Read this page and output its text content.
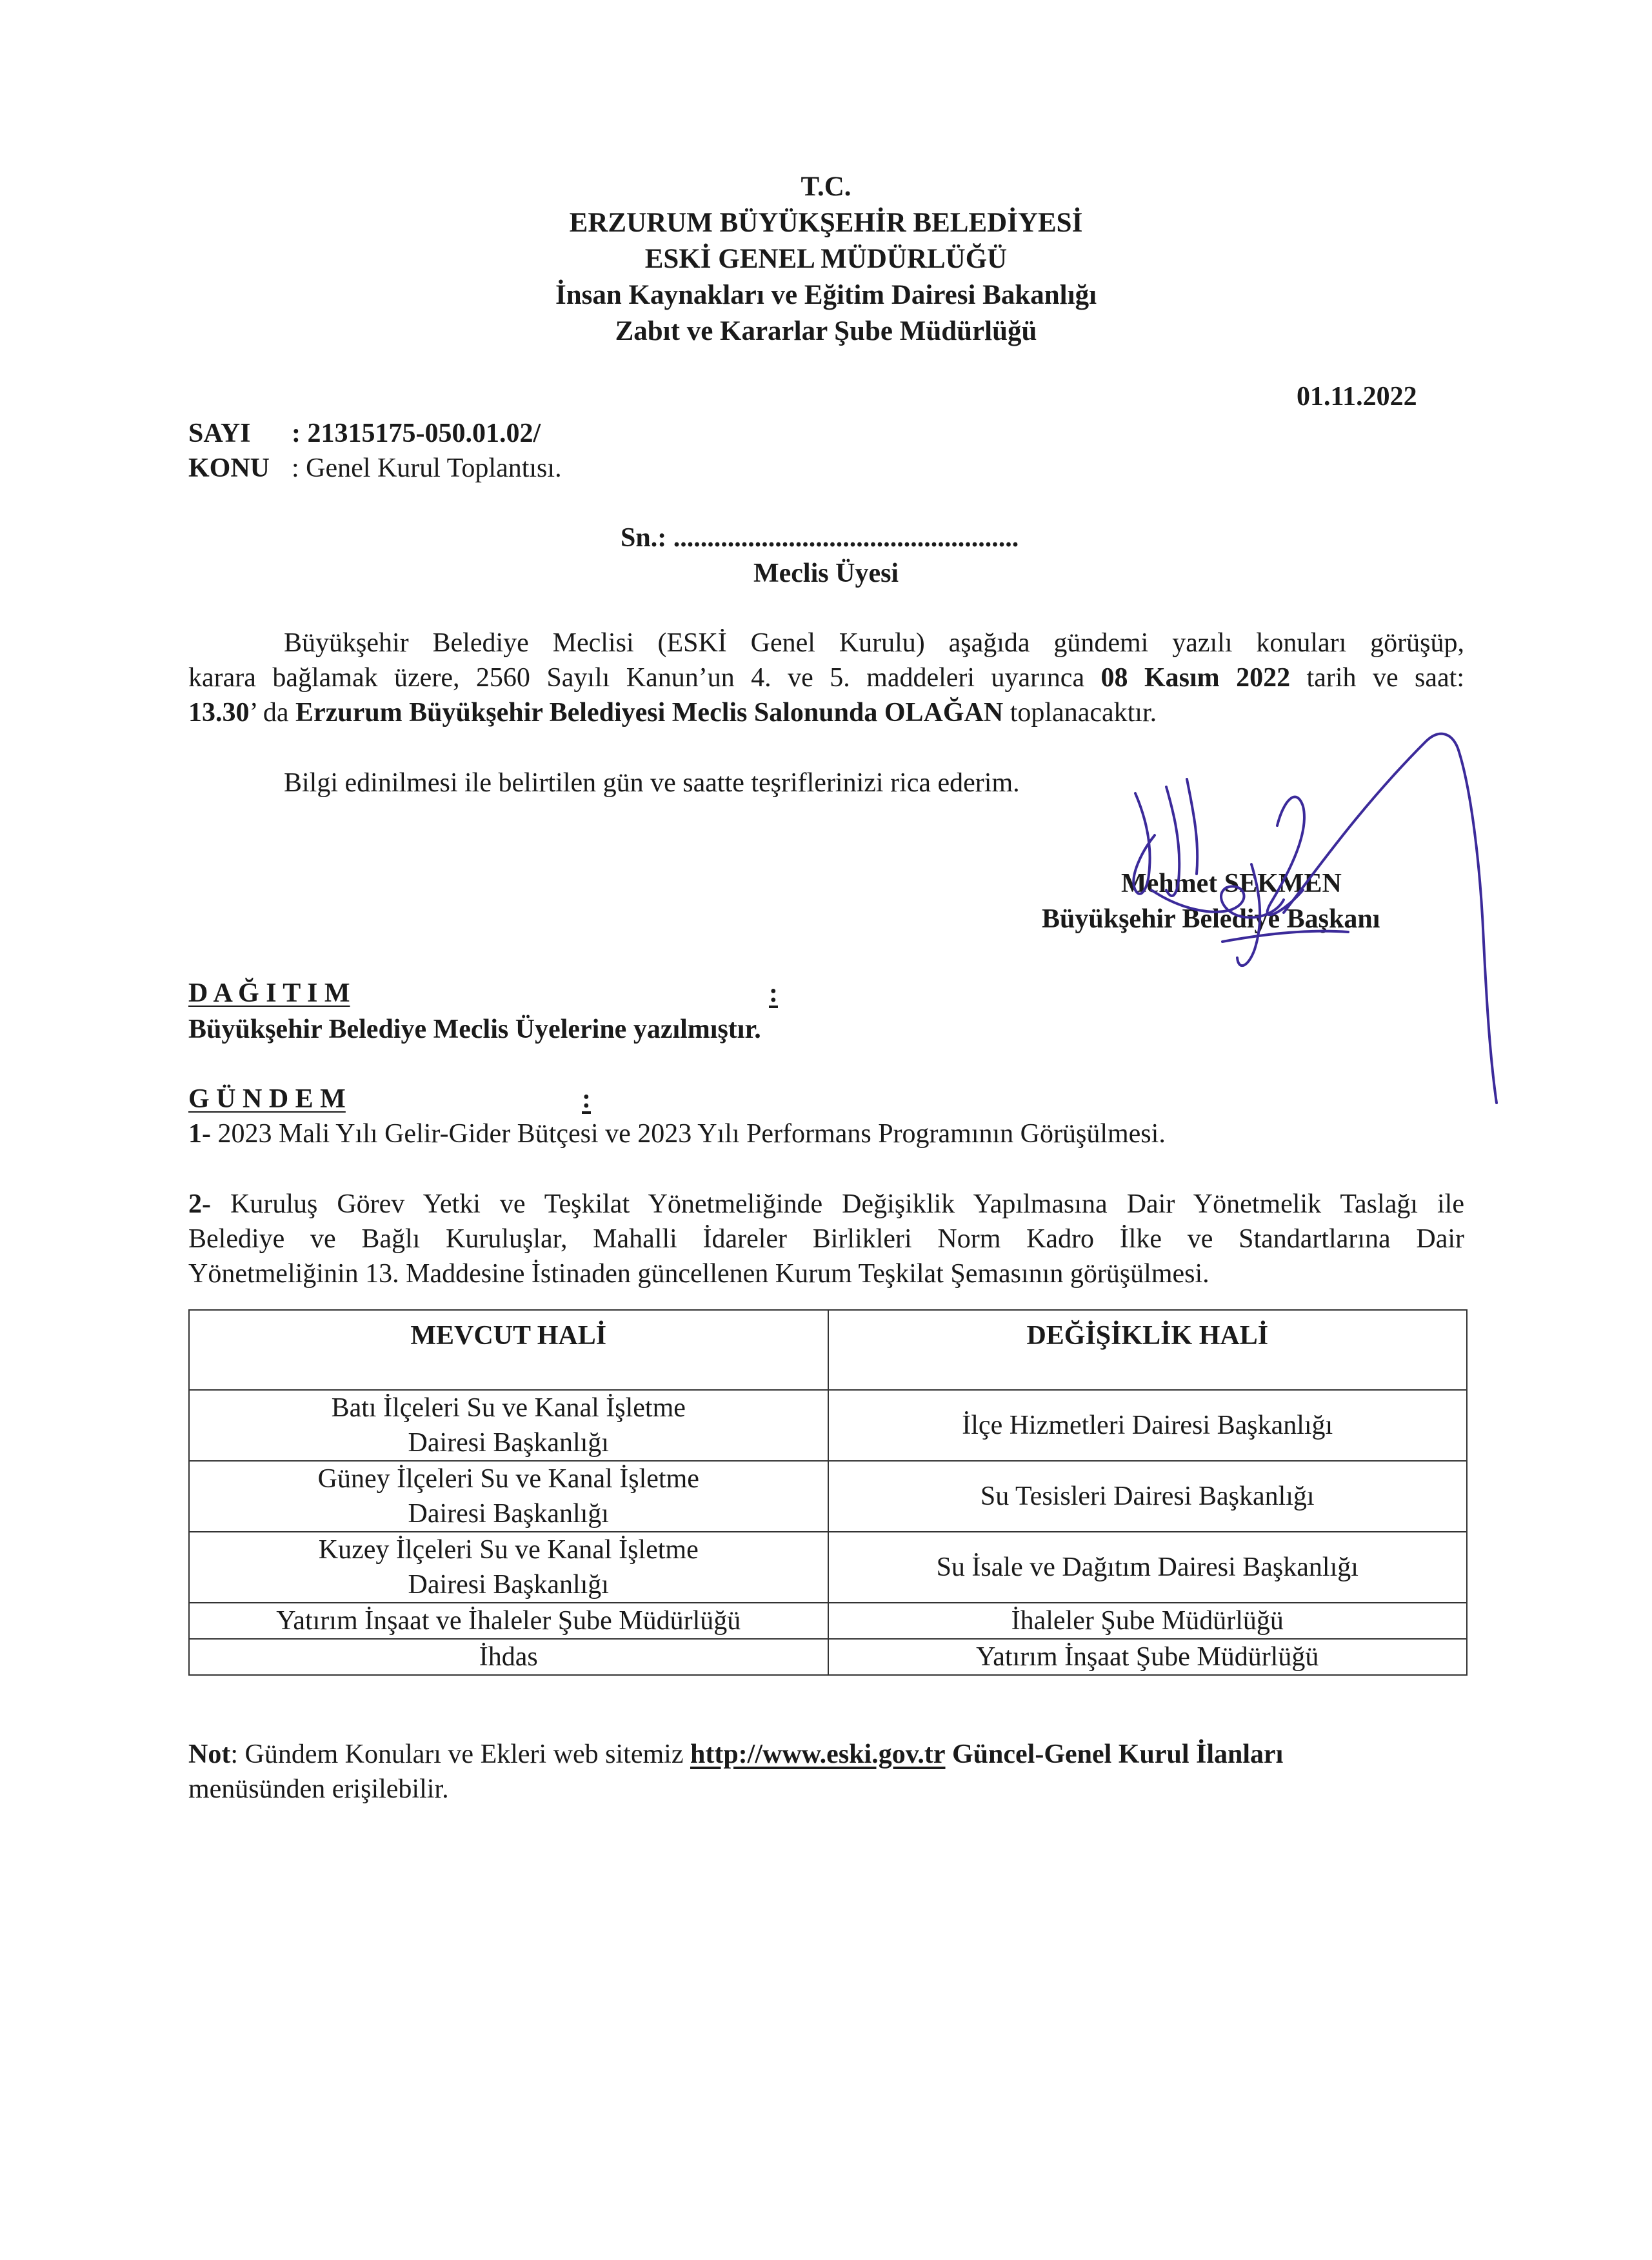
T.C.
ERZURUM BÜYÜKŞEHİR BELEDİYESİ
ESKİ GENEL MÜDÜRLÜĞÜ
İnsan Kaynakları ve Eğitim Dairesi Bakanlığı
Zabıt ve Kararlar Şube Müdürlüğü
01.11.2022
SAYI : 21315175-050.01.02/
KONU : Genel Kurul Toplantısı.
Sn.: ...................................................
Meclis Üyesi
Büyükşehir Belediye Meclisi (ESKİ Genel Kurulu) aşağıda gündemi yazılı konuları görüşüp,
karara bağlamak üzere, 2560 Sayılı Kanun’un 4. ve 5. maddeleri uyarınca 08 Kasım 2022 tarih ve saat:
13.30’ da Erzurum Büyükşehir Belediyesi Meclis Salonunda OLAĞAN toplanacaktır.
Bilgi edinilmesi ile belirtilen gün ve saatte teşriflerinizi rica ederim.
Mehmet SEKMEN
Büyükşehir Belediye Başkanı
D A Ğ I T I M	:
Büyükşehir Belediye Meclis Üyelerine yazılmıştır.
G Ü N D E M	:
1- 2023 Mali Yılı Gelir-Gider Bütçesi ve 2023 Yılı Performans Programının Görüşülmesi.
2- Kuruluş Görev Yetki ve Teşkilat Yönetmeliğinde Değişiklik Yapılmasına Dair Yönetmelik Taslağı ile
Belediye ve Bağlı Kuruluşlar, Mahalli İdareler Birlikleri Norm Kadro İlke ve Standartlarına Dair
Yönetmeliğinin 13. Maddesine İstinaden güncellenen Kurum Teşkilat Şemasının görüşülmesi.
MEVCUT HALİ	DEĞİŞİKLİK HALİ
Batı İlçeleri Su ve Kanal İşletme
Dairesi Başkanlığı	İlçe Hizmetleri Dairesi Başkanlığı
Güney İlçeleri Su ve Kanal İşletme
Dairesi Başkanlığı	Su Tesisleri Dairesi Başkanlığı
Kuzey İlçeleri Su ve Kanal İşletme
Dairesi Başkanlığı	Su İsale ve Dağıtım Dairesi Başkanlığı
Yatırım İnşaat ve İhaleler Şube Müdürlüğü	İhaleler Şube Müdürlüğü
İhdas	Yatırım İnşaat Şube Müdürlüğü
Not: Gündem Konuları ve Ekleri web sitemiz http://www.eski.gov.tr Güncel-Genel Kurul İlanları
menüsünden erişilebilir.
